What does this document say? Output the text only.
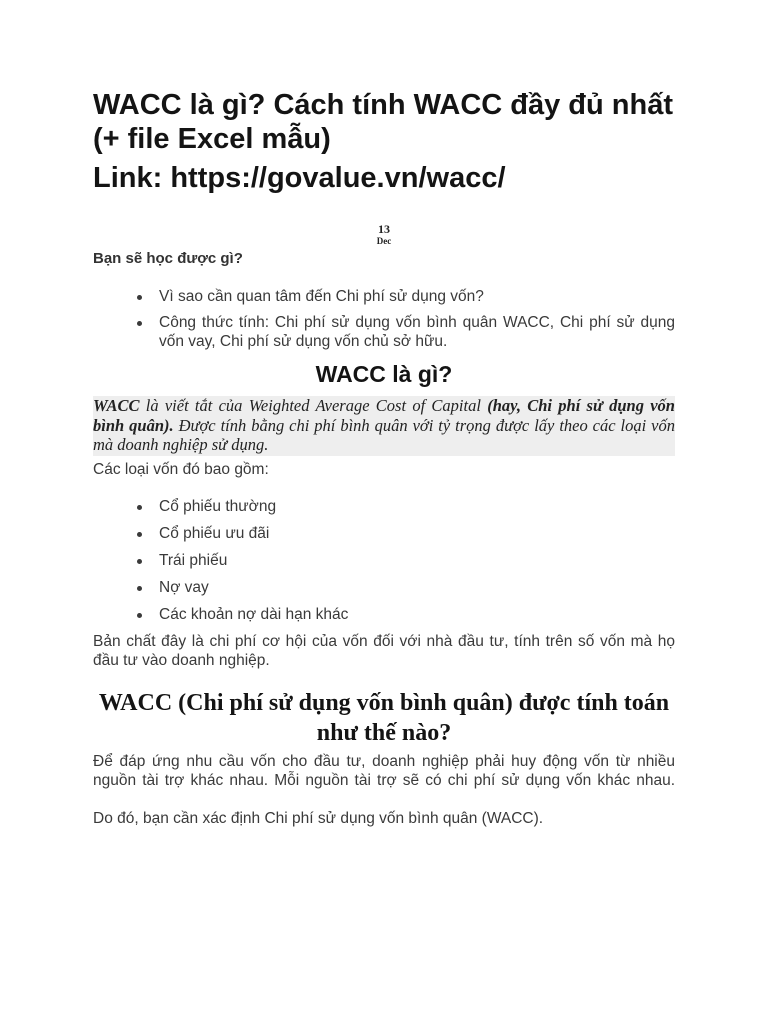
WACC là gì? Cách tính WACC đầy đủ nhất (+ file Excel mẫu)
Link: https://govalue.vn/wacc/
13
Dec

Bạn sẽ học được gì?

Vì sao cần quan tâm đến Chi phí sử dụng vốn?
Công thức tính: Chi phí sử dụng vốn bình quân WACC, Chi phí sử dụng vốn vay, Chi phí sử dụng vốn chủ sở hữu.
WACC là gì?

WACC là viết tắt của Weighted Average Cost of Capital (hay, Chi phí sử dụng vốn bình quân). Được tính bằng chi phí bình quân với tỷ trọng được lấy theo các loại vốn mà doanh nghiệp sử dụng.

Các loại vốn đó bao gồm:

Cổ phiếu thường
Cổ phiếu ưu đãi
Trái phiếu
Nợ vay
Các khoản nợ dài hạn khác

Bản chất đây là chi phí cơ hội của vốn đối với nhà đầu tư, tính trên số vốn mà họ đầu tư vào doanh nghiệp.

WACC (Chi phí sử dụng vốn bình quân) được tính toán như thế nào?

Để đáp ứng nhu cầu vốn cho đầu tư, doanh nghiệp phải huy động vốn từ nhiều nguồn tài trợ khác nhau. Mỗi nguồn tài trợ sẽ có chi phí sử dụng vốn khác nhau.

Do đó, bạn cần xác định Chi phí sử dụng vốn bình quân (WACC).
